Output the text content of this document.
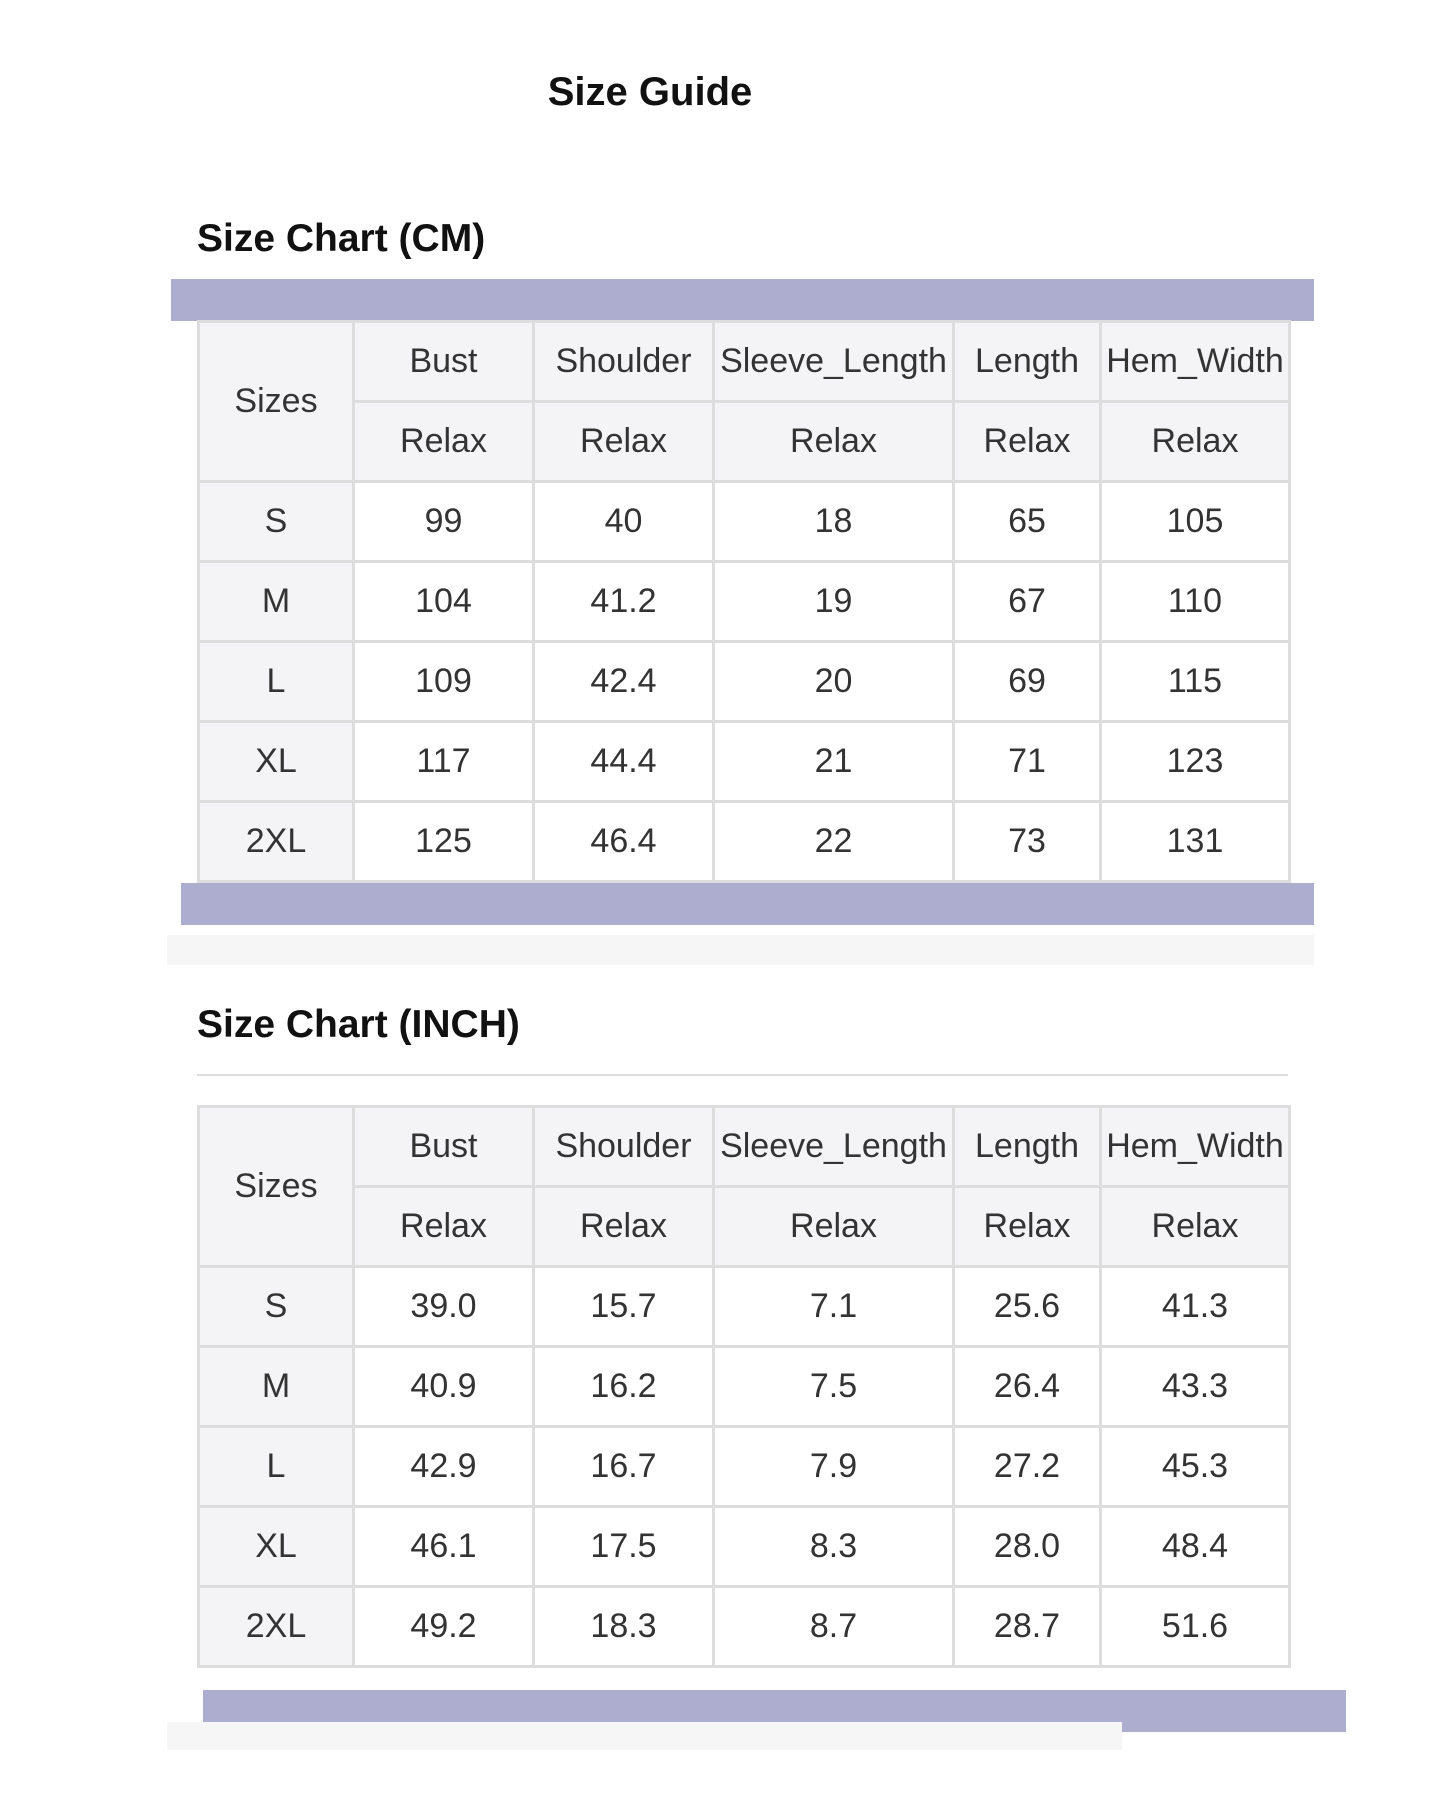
Size Guide
Size Chart (CM)
Sizes	Bust	Shoulder	Sleeve_Length	Length	Hem_Width
	Relax	Relax	Relax	Relax	Relax
S	99	40	18	65	105
M	104	41.2	19	67	110
L	109	42.4	20	69	115
XL	117	44.4	21	71	123
2XL	125	46.4	22	73	131
Size Chart (INCH)
Sizes	Bust	Shoulder	Sleeve_Length	Length	Hem_Width
	Relax	Relax	Relax	Relax	Relax
S	39.0	15.7	7.1	25.6	41.3
M	40.9	16.2	7.5	26.4	43.3
L	42.9	16.7	7.9	27.2	45.3
XL	46.1	17.5	8.3	28.0	48.4
2XL	49.2	18.3	8.7	28.7	51.6
